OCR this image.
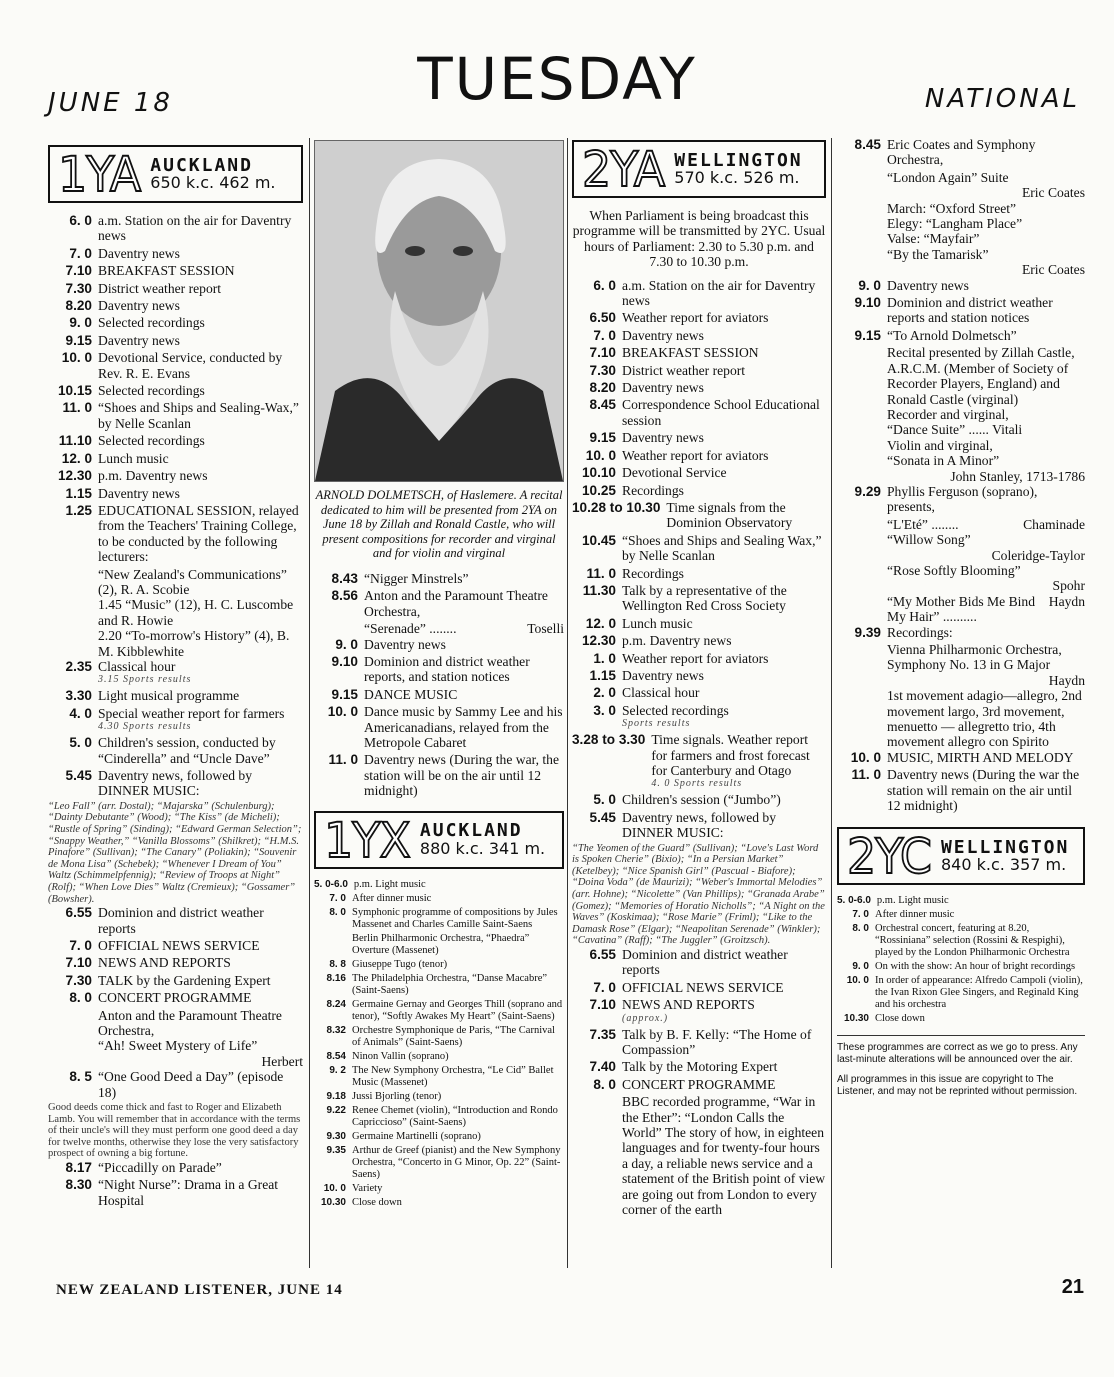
JUNE 18	TUESDAY	NATIONAL
1YA AUCKLAND
650 k.c. 462 m.
6. 0 a.m. Station on the air for Daventry news
7. 0 Daventry news
7.10 BREAKFAST SESSION
7.30 District weather report
8.20 Daventry news
9. 0 Selected recordings
9.15 Daventry news
10. 0 Devotional Service, conducted by Rev. R. E. Evans
10.15 Selected recordings
11. 0 “Shoes and Ships and Sealing-Wax,” by Nelle Scanlan
11.10 Selected recordings
12. 0 Lunch music
12.30 p.m. Daventry news
1.15 Daventry news
1.25 EDUCATIONAL SESSION, relayed from the Teachers' Training College, to be conducted by the following lecturers:
“New Zealand's Communications” (2), R. A. Scobie
1.45 “Music” (12), H. C. Luscombe and R. Howie
2.20 “To-morrow's History” (4), B. M. Kibblewhite
2.35 Classical hour
3.15 Sports results
3.30 Light musical programme
4. 0 Special weather report for farmers
4.30 Sports results
5. 0 Children's session, conducted by “Cinderella” and “Uncle Dave”
5.45 Daventry news, followed by DINNER MUSIC:
“Leo Fall” (arr. Dostal); “Majarska” (Schulenburg); “Dainty Debutante” (Wood); “The Kiss” (de Micheli); “Rustle of Spring” (Sinding); “Edward German Selection”; “Snappy Weather,” “Vanilla Blossoms” (Shilkret); “H.M.S. Pinafore” (Sullivan); “The Canary” (Poliakin); “Souvenir de Mona Lisa” (Schebek); “Whenever I Dream of You” Waltz (Schimmelpfennig); “Review of Troops at Night” (Rolf); “When Love Dies” Waltz (Cremieux); “Gossamer” (Bowsher).
6.55 Dominion and district weather reports
7. 0 OFFICIAL NEWS SERVICE
7.10 NEWS AND REPORTS
7.30 TALK by the Gardening Expert
8. 0 CONCERT PROGRAMME
Anton and the Paramount Theatre Orchestra,
“Ah! Sweet Mystery of Life”
Herbert
8. 5 “One Good Deed a Day” (episode 18)
Good deeds come thick and fast to Roger and Elizabeth Lamb. You will remember that in accordance with the terms of their uncle's will they must perform one good deed a day for twelve months, otherwise they lose the very satisfactory prospect of owning a big fortune.
8.17 “Piccadilly on Parade”
8.30 “Night Nurse”: Drama in a Great Hospital
ARNOLD DOLMETSCH, of Haslemere. A recital dedicated to him will be presented from 2YA on June 18 by Zillah and Ronald Castle, who will present compositions for recorder and virginal and for violin and virginal
8.43 “Nigger Minstrels”
8.56 Anton and the Paramount Theatre Orchestra,
“Serenade” ........	Toselli
9. 0 Daventry news
9.10 Dominion and district weather reports, and station notices
9.15 DANCE MUSIC
10. 0 Dance music by Sammy Lee and his Americanadians, relayed from the Metropole Cabaret
11. 0 Daventry news (During the war, the station will be on the air until 12 midnight)
1YX AUCKLAND
880 k.c. 341 m.
5. 0-6.0 p.m. Light music
7. 0 After dinner music
8. 0 Symphonic programme of compositions by Jules Massenet and Charles Camille Saint-Saens
Berlin Philharmonic Orchestra, “Phaedra” Overture (Massenet)
8. 8 Giuseppe Tugo (tenor)
8.16 The Philadelphia Orchestra, “Danse Macabre” (Saint-Saens)
8.24 Germaine Gernay and Georges Thill (soprano and tenor), “Softly Awakes My Heart” (Saint-Saens)
8.32 Orchestre Symphonique de Paris, “The Carnival of Animals” (Saint-Saens)
8.54 Ninon Vallin (soprano)
9. 2 The New Symphony Orchestra, “Le Cid” Ballet Music (Massenet)
9.18 Jussi Bjorling (tenor)
9.22 Renee Chemet (violin), “Introduction and Rondo Capriccioso” (Saint-Saens)
9.30 Germaine Martinelli (soprano)
9.35 Arthur de Greef (pianist) and the New Symphony Orchestra, “Concerto in G Minor, Op. 22” (Saint-Saens)
10. 0 Variety
10.30 Close down
2YA WELLINGTON
570 k.c. 526 m.
When Parliament is being broadcast this programme will be transmitted by 2YC. Usual hours of Parliament: 2.30 to 5.30 p.m. and 7.30 to 10.30 p.m.
6. 0 a.m. Station on the air for Daventry news
6.50 Weather report for aviators
7. 0 Daventry news
7.10 BREAKFAST SESSION
7.30 District weather report
8.20 Daventry news
8.45 Correspondence School Educational session
9.15 Daventry news
10. 0 Weather report for aviators
10.10 Devotional Service
10.25 Recordings
10.28 to 10.30 Time signals from the Dominion Observatory
10.45 “Shoes and Ships and Sealing Wax,” by Nelle Scanlan
11. 0 Recordings
11.30 Talk by a representative of the Wellington Red Cross Society
12. 0 Lunch music
12.30 p.m. Daventry news
1. 0 Weather report for aviators
1.15 Daventry news
2. 0 Classical hour
3. 0 Selected recordings
Sports results
3.28 to 3.30 Time signals. Weather report for farmers and frost forecast for Canterbury and Otago
4. 0 Sports results
5. 0 Children's session (“Jumbo”)
5.45 Daventry news, followed by DINNER MUSIC:
“The Yeomen of the Guard” (Sullivan); “Love's Last Word is Spoken Cherie” (Bixio); “In a Persian Market” (Ketelbey); “Nice Spanish Girl” (Pascual - Biafore); “Doina Voda” (de Maurizi); “Weber's Immortal Melodies” (arr. Hohne); “Nicolette” (Van Phillips); “Granada Arabe” (Gomez); “Memories of Horatio Nicholls”; “A Night on the Waves” (Koskimaa); “Rose Marie” (Friml); “Like to the Damask Rose” (Elgar); “Neapolitan Serenade” (Winkler); “Cavatina” (Raff); “The Juggler” (Groitzsch).
6.55 Dominion and district weather reports
7. 0 OFFICIAL NEWS SERVICE
7.10 NEWS AND REPORTS
(approx.)
7.35 Talk by B. F. Kelly: “The Home of Compassion”
7.40 Talk by the Motoring Expert
8. 0 CONCERT PROGRAMME
BBC recorded programme, “War in the Ether”: “London Calls the World” The story of how, in eighteen languages and for twenty-four hours a day, a reliable news service and a statement of the British point of view are going out from London to every corner of the earth
8.45 Eric Coates and Symphony Orchestra,
“London Again” Suite
Eric Coates
March: “Oxford Street”
Elegy: “Langham Place”
Valse: “Mayfair”
“By the Tamarisk”
Eric Coates
9. 0 Daventry news
9.10 Dominion and district weather reports and station notices
9.15 “To Arnold Dolmetsch”
Recital presented by Zillah Castle, A.R.C.M. (Member of Society of Recorder Players, England) and Ronald Castle (virginal)
Recorder and virginal,
“Dance Suite” ...... Vitali
Violin and virginal,
“Sonata in A Minor”
John Stanley, 1713-1786
9.29 Phyllis Ferguson (soprano), presents,
“L'Eté” ........	Chaminade
“Willow Song”
Coleridge-Taylor
“Rose Softly Blooming”
Spohr
“My Mother Bids Me Bind My Hair” ..........
Haydn
9.39 Recordings:
Vienna Philharmonic Orchestra,
Symphony No. 13 in G Major
Haydn
1st movement adagio—allegro, 2nd movement largo, 3rd movement, menuetto — allegretto trio, 4th movement allegro con Spirito
10. 0 MUSIC, MIRTH AND MELODY
11. 0 Daventry news (During the war the station will remain on the air until 12 midnight)
2YC WELLINGTON
840 k.c. 357 m.
5. 0-6.0 p.m. Light music
7. 0 After dinner music
8. 0 Orchestral concert, featuring at 8.20, “Rossiniana” selection (Rossini & Respighi), played by the London Philharmonic Orchestra
9. 0 On with the show: An hour of bright recordings
10. 0 In order of appearance: Alfredo Campoli (violin), the Ivan Rixon Glee Singers, and Reginald King and his orchestra
10.30 Close down
These programmes are correct as we go to press. Any last-minute alterations will be announced over the air.
All programmes in this issue are copyright to The Listener, and may not be reprinted without permission.
NEW ZEALAND LISTENER, JUNE 14	21
